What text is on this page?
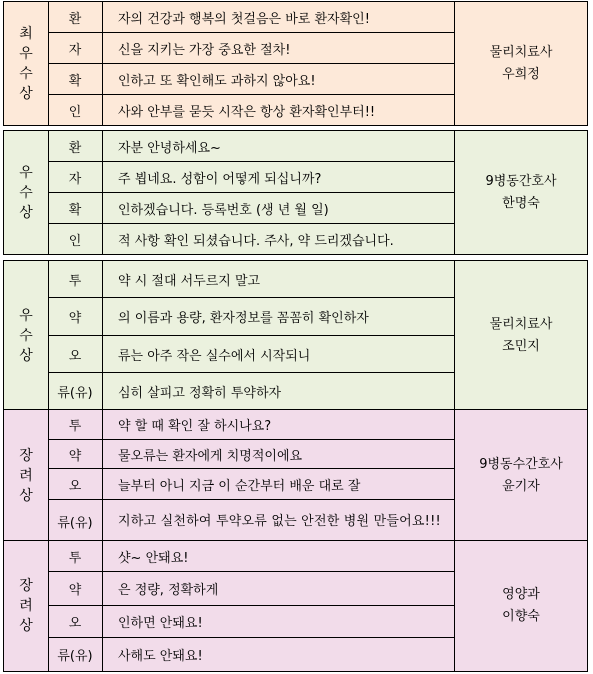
최
우
수
상
환	자의 건강과 행복의 첫걸음은 바로 환자확인!
자	신을 지키는 가장 중요한 절차!
확	인하고 또 확인해도 과하지 않아요!
인	사와 안부를 묻듯 시작은 항상 환자확인부터!!
물리치료사
우희정
우
수
상
환	자분 안녕하세요~
자	주 뵙네요. 성함이 어떻게 되십니까?
확	인하겠습니다. 등록번호 (생 년 월 일)
인	적 사항 확인 되셨습니다. 주사, 약 드리겠습니다.
9병동간호사
한명숙
우
수
상
투	약 시 절대 서두르지 말고
약	의 이름과 용량, 환자정보를 꼼꼼히 확인하자
오	류는 아주 작은 실수에서 시작되니
류(유)	심히 살피고 정확히 투약하자
물리치료사
조민지
장
려
상
투	약 할 때 확인 잘 하시나요?
약	물오류는 환자에게 치명적이에요
오	늘부터 아니 지금 이 순간부터 배운 대로 잘
류(유)	지하고 실천하여 투약오류 없는 안전한 병원 만들어요!!!
9병동수간호사
윤기자
장
려
상
투	샷~ 안돼요!
약	은 정량, 정확하게
오	인하면 안돼요!
류(유)	사해도 안돼요!
영양과
이향숙
